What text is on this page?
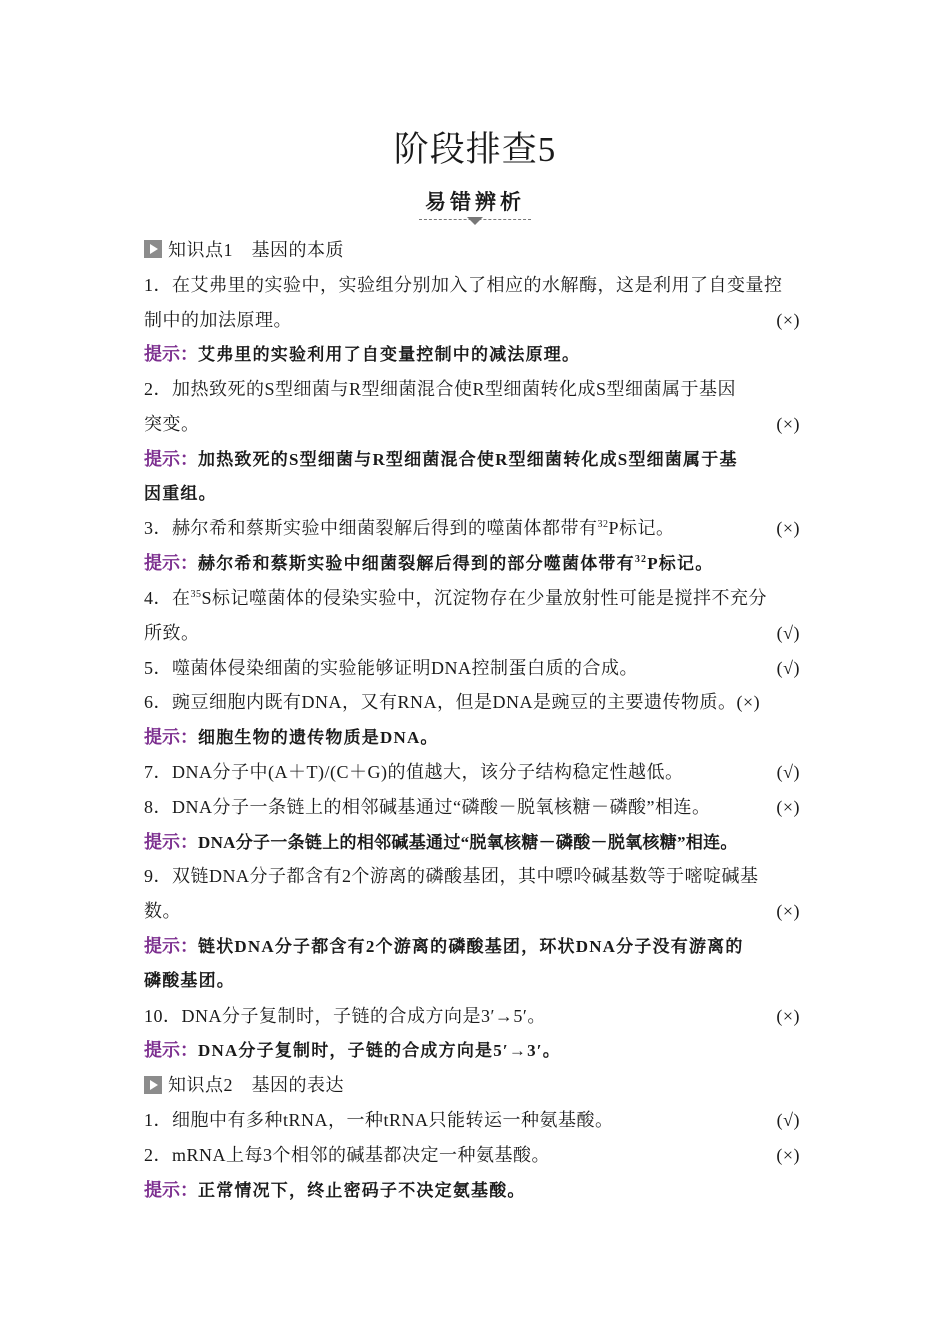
阶段排查5
易错辨析
知识点1　基因的本质
1．在艾弗里的实验中，实验组分别加入了相应的水解酶，这是利用了自变量控
制中的加法原理。	(×)
提示：艾弗里的实验利用了自变量控制中的减法原理。
2．加热致死的S型细菌与R型细菌混合使R型细菌转化成S型细菌属于基因
突变。	(×)
提示：加热致死的S型细菌与R型细菌混合使R型细菌转化成S型细菌属于基
因重组。
3．赫尔希和蔡斯实验中细菌裂解后得到的噬菌体都带有$^{32}$P标记。	(×)
提示：赫尔希和蔡斯实验中细菌裂解后得到的部分噬菌体带有$^{32}$P标记。
4．在$^{35}$S标记噬菌体的侵染实验中，沉淀物存在少量放射性可能是搅拌不充分
所致。	(√)
5．噬菌体侵染细菌的实验能够证明DNA控制蛋白质的合成。	(√)
6．豌豆细胞内既有DNA，又有RNA，但是DNA是豌豆的主要遗传物质。(×)
提示：细胞生物的遗传物质是DNA。
7．DNA分子中(A＋T)/(C＋G)的值越大，该分子结构稳定性越低。	(√)
8．DNA分子一条链上的相邻碱基通过“磷酸－脱氧核糖－磷酸”相连。	(×)
提示：DNA分子一条链上的相邻碱基通过“脱氧核糖－磷酸－脱氧核糖”相连。
9．双链DNA分子都含有2个游离的磷酸基团，其中嘌呤碱基数等于嘧啶碱基
数。	(×)
提示：链状DNA分子都含有2个游离的磷酸基团，环状DNA分子没有游离的
磷酸基团。
10．DNA分子复制时，子链的合成方向是3′→5′。	(×)
提示：DNA分子复制时，子链的合成方向是5′→3′。
知识点2　基因的表达
1．细胞中有多种tRNA，一种tRNA只能转运一种氨基酸。	(√)
2．mRNA上每3个相邻的碱基都决定一种氨基酸。	(×)
提示：正常情况下，终止密码子不决定氨基酸。
